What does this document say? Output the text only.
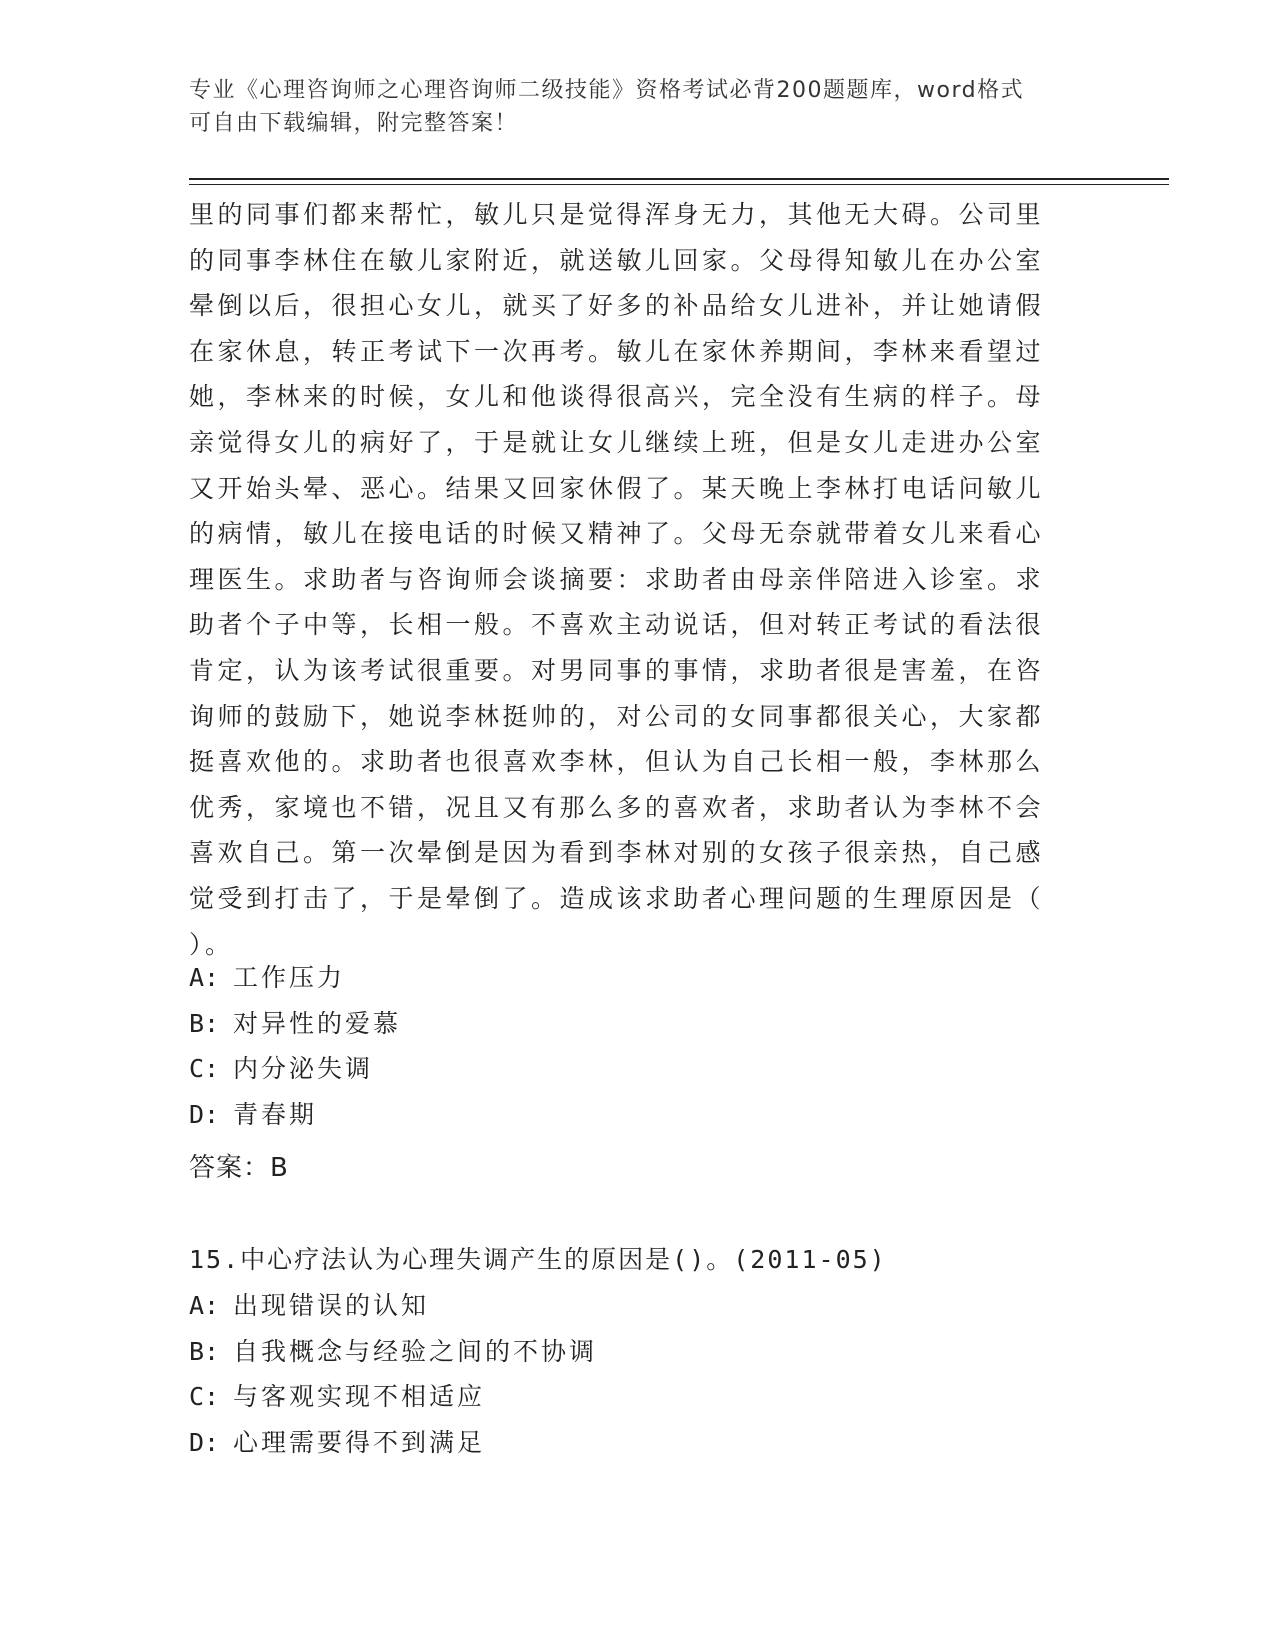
专业《心理咨询师之心理咨询师二级技能》资格考试必背200题题库，word格式
可自由下载编辑，附完整答案！
里的同事们都来帮忙，敏儿只是觉得浑身无力，其他无大碍。公司里
的同事李林住在敏儿家附近，就送敏儿回家。父母得知敏儿在办公室
晕倒以后，很担心女儿，就买了好多的补品给女儿进补，并让她请假
在家休息，转正考试下一次再考。敏儿在家休养期间，李林来看望过
她，李林来的时候，女儿和他谈得很高兴，完全没有生病的样子。母
亲觉得女儿的病好了，于是就让女儿继续上班，但是女儿走进办公室
又开始头晕、恶心。结果又回家休假了。某天晚上李林打电话问敏儿
的病情，敏儿在接电话的时候又精神了。父母无奈就带着女儿来看心
理医生。求助者与咨询师会谈摘要：求助者由母亲伴陪进入诊室。求
助者个子中等，长相一般。不喜欢主动说话，但对转正考试的看法很
肯定，认为该考试很重要。对男同事的事情，求助者很是害羞，在咨
询师的鼓励下，她说李林挺帅的，对公司的女同事都很关心，大家都
挺喜欢他的。求助者也很喜欢李林，但认为自己长相一般，李林那么
优秀，家境也不错，况且又有那么多的喜欢者，求助者认为李林不会
喜欢自己。第一次晕倒是因为看到李林对别的女孩子很亲热，自己感
觉受到打击了，于是晕倒了。造成该求助者心理问题的生理原因是（
）。
A: 工作压力
B: 对异性的爱慕
C: 内分泌失调
D: 青春期
答案：B
15.中心疗法认为心理失调产生的原因是()。(2011-05)
A: 出现错误的认知
B: 自我概念与经验之间的不协调
C: 与客观实现不相适应
D: 心理需要得不到满足
